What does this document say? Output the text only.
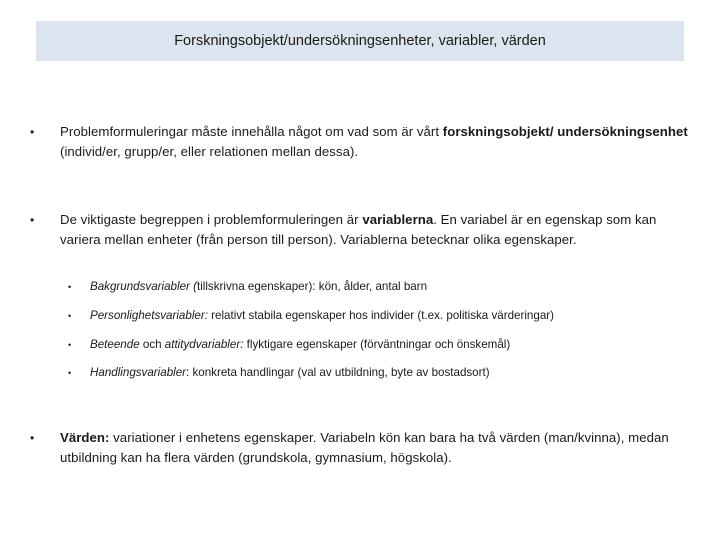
Forskningsobjekt/undersökningsenheter, variabler, värden
• Problemformuleringar måste innehålla något om vad som är vårt forskningsobjekt/ undersökningsenhet (individ/er, grupp/er, eller relationen mellan dessa).
• De viktigaste begreppen i problemformuleringen är variablerna. En variabel är en egenskap som kan variera mellan enheter (från person till person). Variablerna betecknar olika egenskaper.
• Bakgrundsvariabler (tillskrivna egenskaper): kön, ålder, antal barn
• Personlighetsvariabler: relativt stabila egenskaper hos individer (t.ex. politiska värderingar)
• Beteende och attitydvariabler: flyktigare egenskaper (förväntningar och önskemål)
• Handlingsvariabler: konkreta handlingar (val av utbildning, byte av bostadsort)
• Värden: variationer i enhetens egenskaper. Variabeln kön kan bara ha två värden (man/kvinna), medan utbildning kan ha flera värden (grundskola, gymnasium, högskola).
